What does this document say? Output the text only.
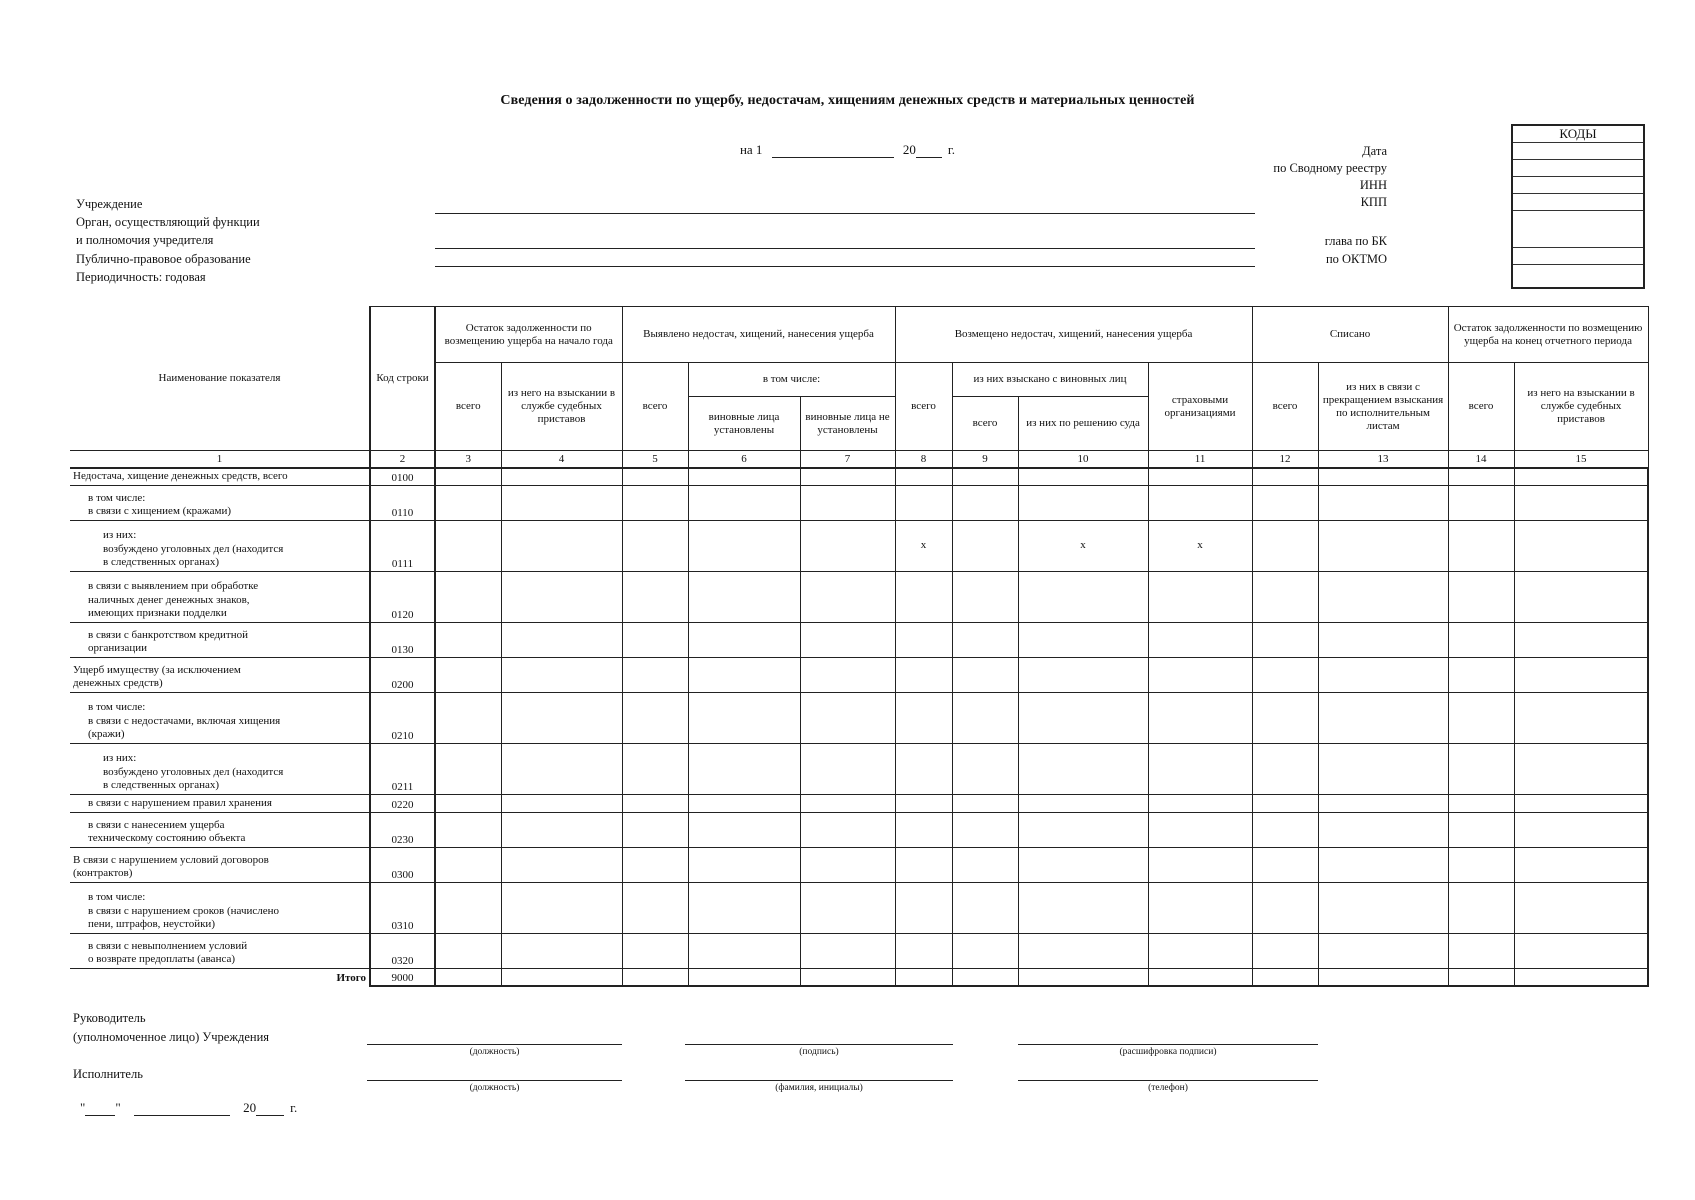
Сведения о задолженности по ущербу, недостачам, хищениям денежных средств и материальных ценностей
на 1	20 г.	Дата
по Сводному реестру
ИНН
КПП
глава по БК
по ОКТМО
КОДЫ
Учреждение
Орган, осуществляющий функции
и полномочия учредителя
Публично-правовое образование
Периодичность: годовая
Наименование показателя	Код строки	Остаток задолженности по возмещению ущерба на начало года		Выявлено недостач, хищений, нанесения ущерба			Возмещено недостач, хищений, нанесения ущерба				Списано		Остаток задолженности по возмещению ущерба на конец отчетного периода	
		всего	из него на взыскании в службе судебных приставов	всего	в том числе:		всего	из них взыскано с виновных лиц		страховыми организациями	всего	из них в связи с прекращением взыскания по исполнительным листам	всего	из него на взыскании в службе судебных приставов
					виновные лица установлены	виновные лица не установлены		всего	из них по решению суда					
1	2	3	4	5	6	7	8	9	10	11	12	13	14	15
Недостача, хищение денежных средств, всего	0100													
в том числе:
в связи с хищением (кражами)	0110													
из них:
возбуждено уголовных дел (находится
в следственных органах)	0111						x		x	x				
в связи с выявлением при обработке
наличных денег денежных знаков,
имеющих признаки подделки	0120													
в связи с банкротством кредитной
организации	0130													
Ущерб имуществу (за исключением
денежных средств)	0200													
в том числе:
в связи с недостачами, включая хищения
(кражи)	0210													
из них:
возбуждено уголовных дел (находится
в следственных органах)	0211													
в связи с нарушением правил хранения	0220													
в связи с нанесением ущерба
техническому состоянию объекта	0230													
В связи с нарушением условий договоров
(контрактов)	0300													
в том числе:
в связи с нарушением сроков (начислено
пени, штрафов, неустойки)	0310													
в связи с невыполнением условий
о возврате предоплаты (аванса)	0320													
Итого	9000													
Руководитель
(уполномоченное лицо) Учреждения
Исполнитель
(должность)	(подпись)	(расшифровка подписи)
(должность)	(фамилия, инициалы)	(телефон)
" "	20	г.
